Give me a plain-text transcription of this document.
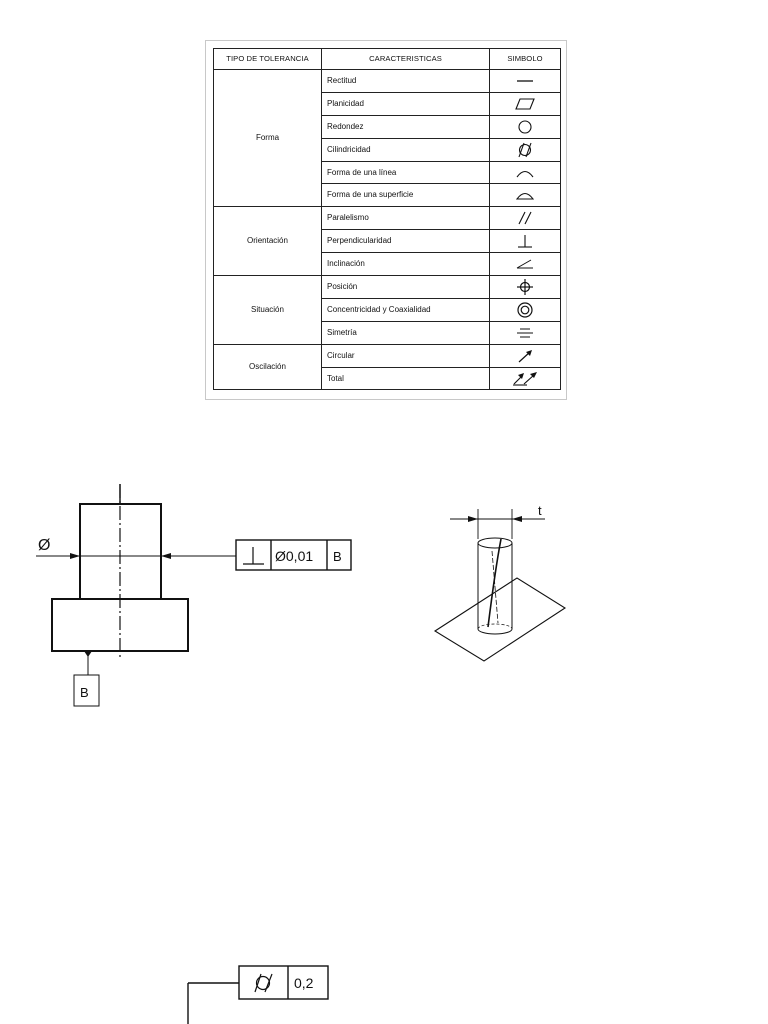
TIPO DE TOLERANCIA	CARACTERISTICAS	SIMBOLO
Forma	Rectitud	

	Planicidad	

	Redondez	

	Cilindricidad	

	Forma de una línea	

	Forma de una superficie	

Orientación	Paralelismo	

	Perpendicularidad	

	Inclinación	

Situación	Posición	

	Concentricidad y Coaxialidad	

	Simetría	

Oscilación	Circular	

	Total	
Ø
Ø0,01 B
B
t
0,2
